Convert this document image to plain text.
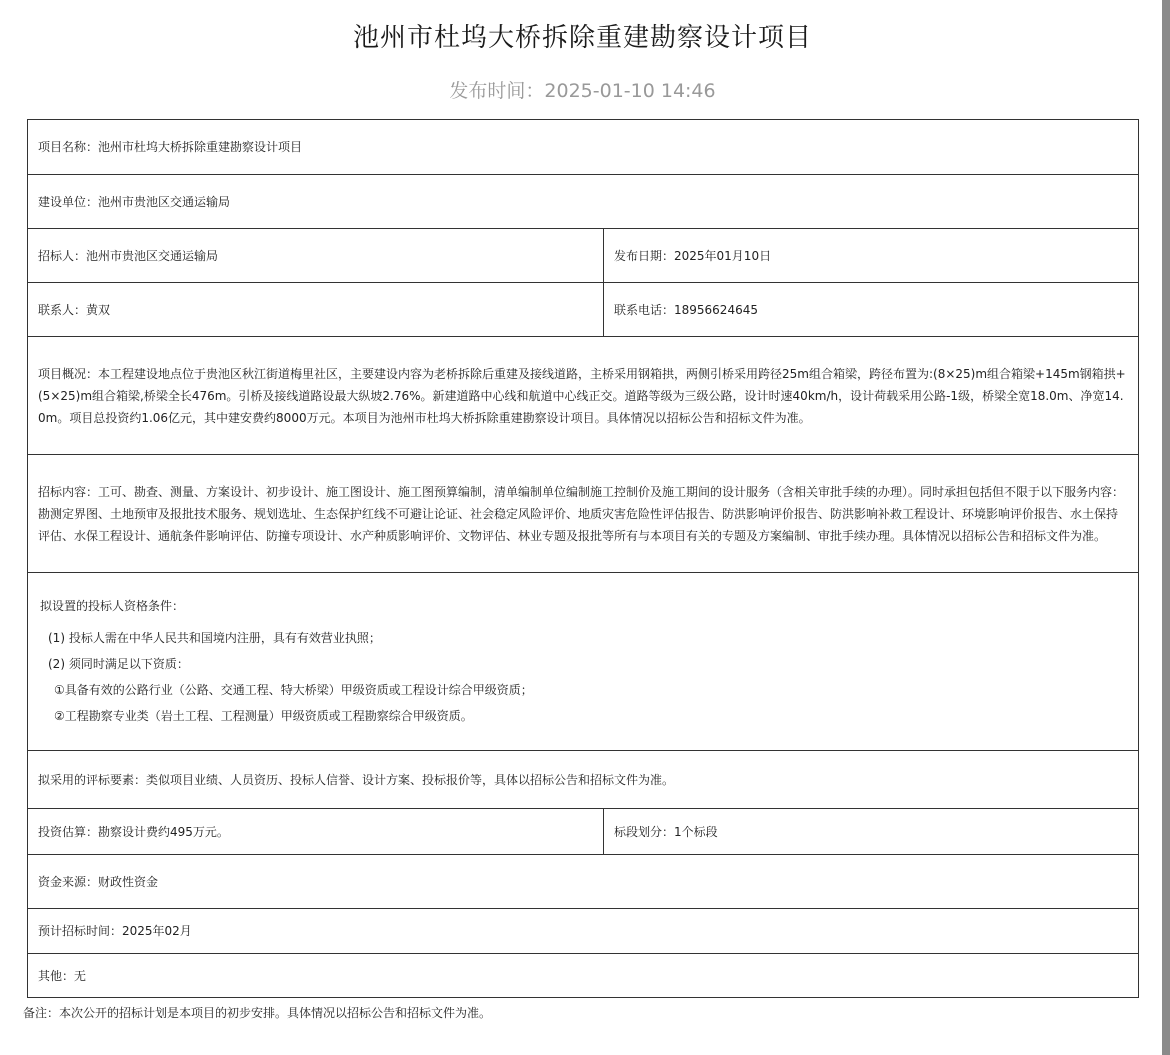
池州市杜坞大桥拆除重建勘察设计项目
发布时间：2025-01-10 14:46
项目名称：池州市杜坞大桥拆除重建勘察设计项目	
建设单位：池州市贵池区交通运输局	
招标人：池州市贵池区交通运输局	发布日期：2025年01月10日
联系人：黄双	联系电话：18956624645
项目概况：本工程建设地点位于贵池区秋江街道梅里社区，主要建设内容为老桥拆除后重建及接线道路，主桥采用钢箱拱，两侧引桥采用跨径25m组合箱梁，跨径布置为:(8×25)m组合箱梁+145m钢箱拱+(5×25)m组合箱梁,桥梁全长476m。引桥及接线道路设最大纵坡2.76%。新建道路中心线和航道中心线正交。道路等级为三级公路，设计时速40km/h，设计荷载采用公路-1级，桥梁全宽18.0m、净宽14.0m。项目总投资约1.06亿元，其中建安费约8000万元。本项目为池州市杜坞大桥拆除重建勘察设计项目。具体情况以招标公告和招标文件为准。	
招标内容：工可、勘查、测量、方案设计、初步设计、施工图设计、施工图预算编制，清单编制单位编制施工控制价及施工期间的设计服务（含相关审批手续的办理）。同时承担包括但不限于以下服务内容：勘测定界图、土地预审及报批技术服务、规划选址、生态保护红线不可避让论证、社会稳定风险评价、地质灾害危险性评估报告、防洪影响评价报告、防洪影响补救工程设计、环境影响评价报告、水土保持评估、水保工程设计、通航条件影响评估、防撞专项设计、水产种质影响评价、文物评估、林业专题及报批等所有与本项目有关的专题及方案编制、审批手续办理。具体情况以招标公告和招标文件为准。	

拟设置的投标人资格条件：
(1) 投标人需在中华人民共和国境内注册，具有有效营业执照；
(2) 须同时满足以下资质：
①具备有效的公路行业（公路、交通工程、特大桥梁）甲级资质或工程设计综合甲级资质；
②工程勘察专业类（岩土工程、工程测量）甲级资质或工程勘察综合甲级资质。	

拟采用的评标要素：类似项目业绩、人员资历、投标人信誉、设计方案、投标报价等，具体以招标公告和招标文件为准。	
投资估算：勘察设计费约495万元。	标段划分：1个标段
资金来源：财政性资金	
预计招标时间：2025年02月	
其他：无	
备注：本次公开的招标计划是本项目的初步安排。具体情况以招标公告和招标文件为准。
